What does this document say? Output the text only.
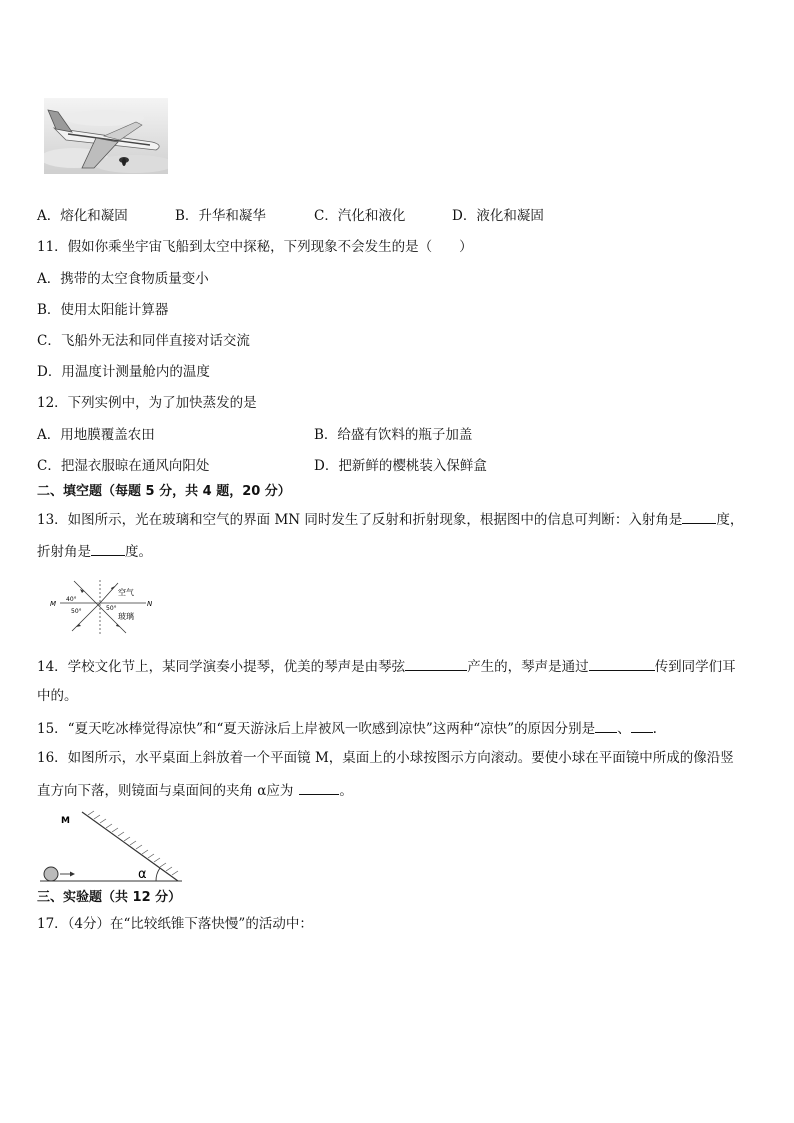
A．熔化和凝固	B．升华和凝华	C．汽化和液化	D．液化和凝固
11．假如你乘坐宇宙飞船到太空中探秘，下列现象不会发生的是（　　）
A．携带的太空食物质量变小
B．使用太阳能计算器
C．飞船外无法和同伴直接对话交流
D．用温度计测量舱内的温度
12．下列实例中，为了加快蒸发的是
A．用地膜覆盖农田	B．给盛有饮料的瓶子加盖
C．把湿衣服晾在通风向阳处	D．把新鲜的樱桃装入保鲜盒
二、填空题（每题 5 分，共 4 题，20 分）
13．如图所示，光在玻璃和空气的界面 MN 同时发生了反射和折射现象，根据图中的信息可判断：入射角是	度，
折射角是	度。
M	N
空气
玻璃
40°
50°	50°
14．学校文化节上，某同学演奏小提琴，优美的琴声是由琴弦	产生的，琴声是通过	传到同学们耳
中的。
15．“夏天吃冰棒觉得凉快”和“夏天游泳后上岸被风一吹感到凉快”这两种“凉快”的原因分别是 、 .
16．如图所示，水平桌面上斜放着一个平面镜 M，桌面上的小球按图示方向滚动。要使小球在平面镜中所成的像沿竖
直方向下落，则镜面与桌面间的夹角 α应为	。
M
α
三、实验题（共 12 分）
17．（4分）在“比较纸锥下落快慢”的活动中：
